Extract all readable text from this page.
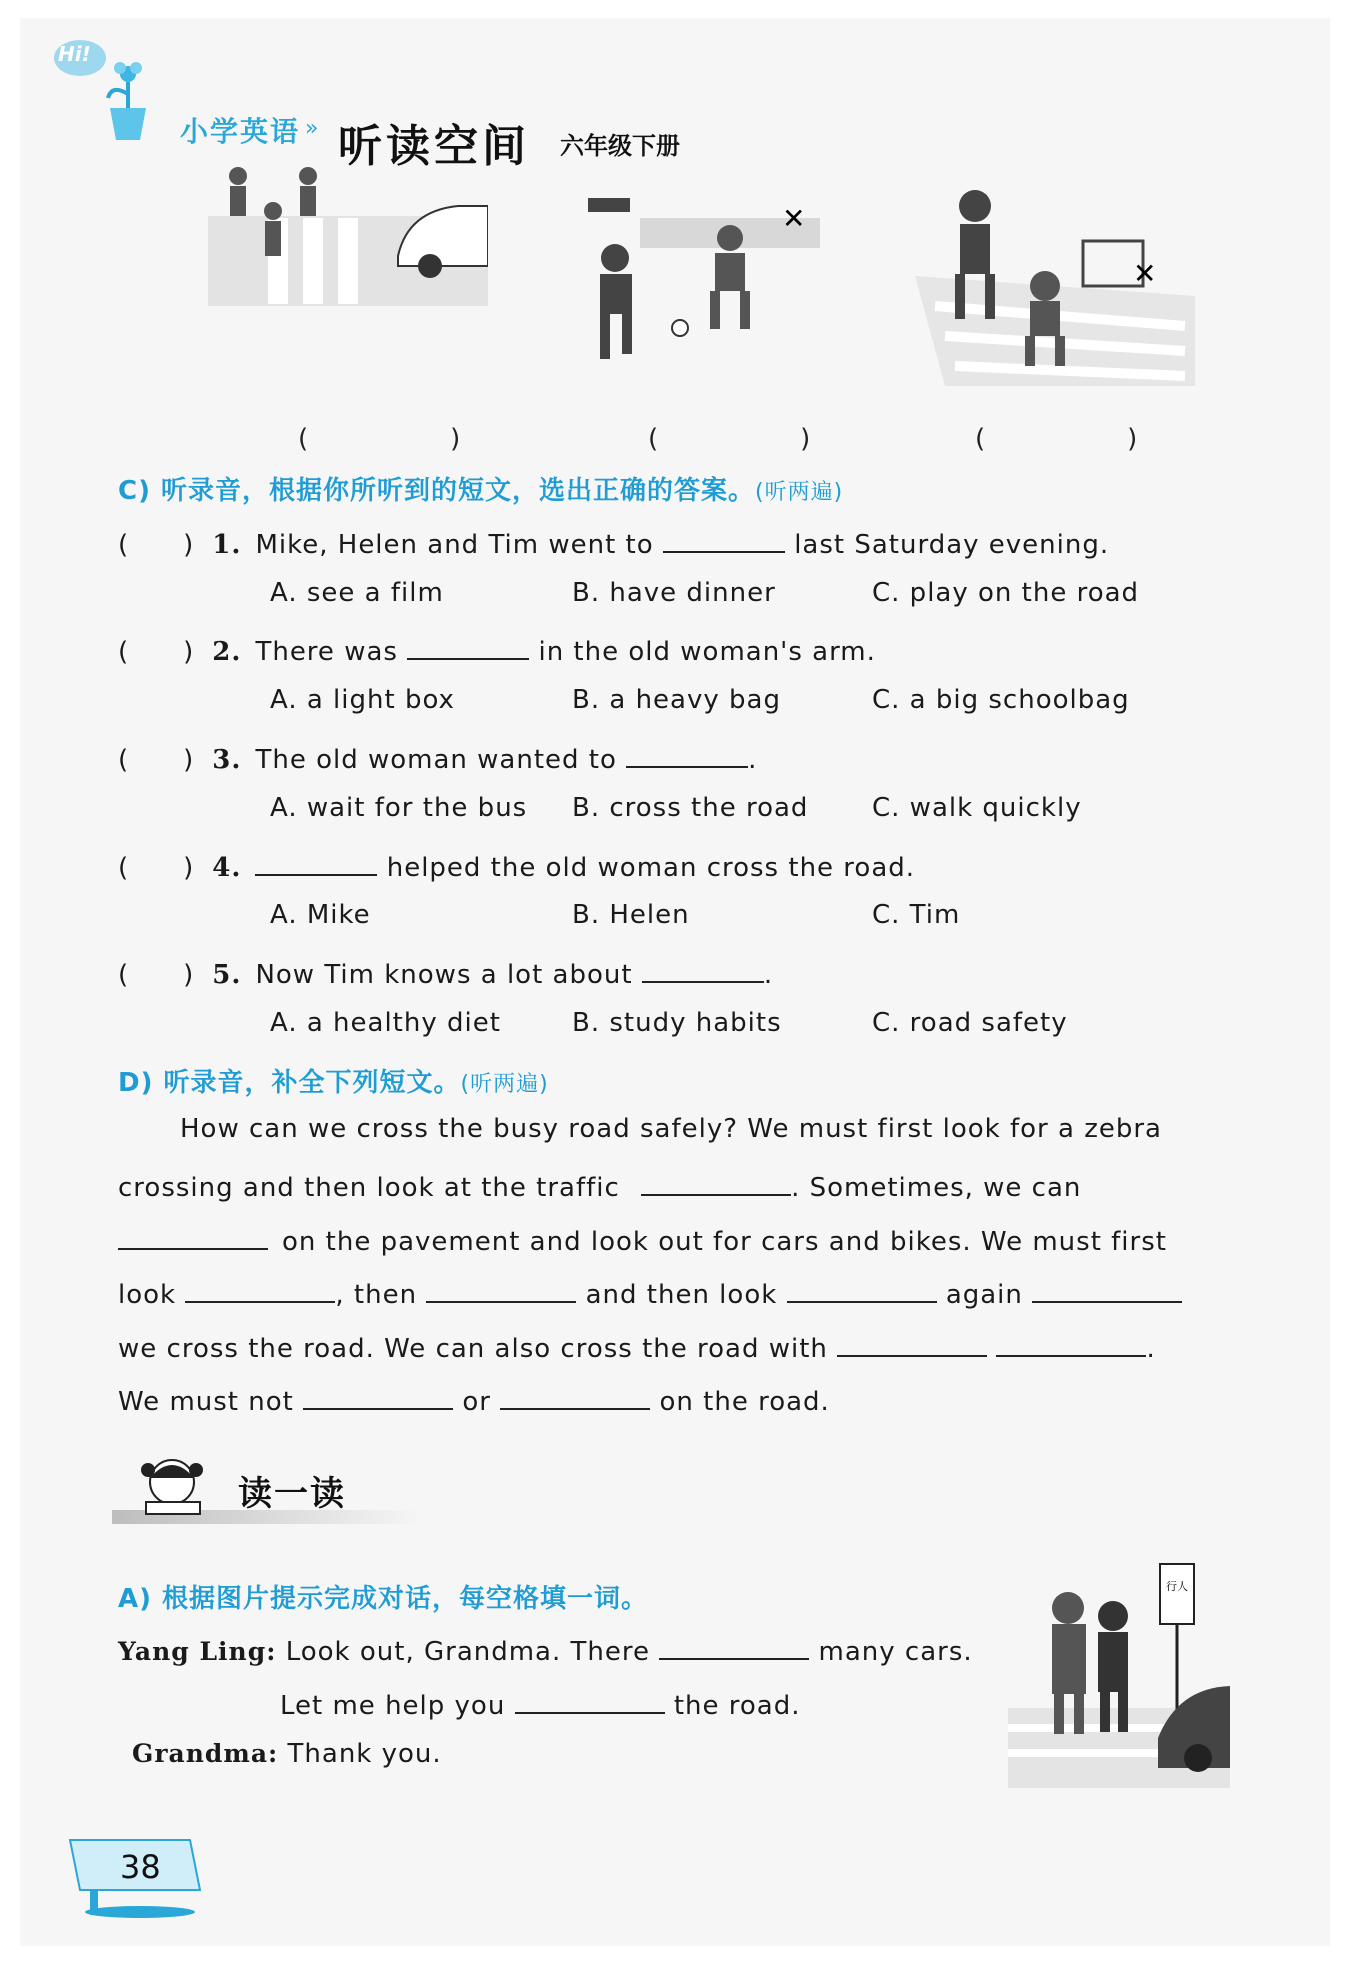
Hi!
小学英语 » 听读空间 六年级下册
✕
✕
(　　)	(　　)	(　　)
C) 听录音，根据你所听到的短文，选出正确的答案。(听两遍)
(　　) 1. Mike, Helen and Tim went to	last Saturday evening.
A. see a film	B. have dinner	C. play on the road
(　　) 2. There was	in the old woman's arm.
A. a light box	B. a heavy bag	C. a big schoolbag
(　　) 3. The old woman wanted to	.
A. wait for the bus B. cross the road C. walk quickly
(　　) 4.	helped the old woman cross the road.
A. Mike	B. Helen	C. Tim
(　　) 5. Now Tim knows a lot about	.
A. a healthy diet	B. study habits	C. road safety
D) 听录音，补全下列短文。(听两遍)
How can we cross the busy road safely? We must first look for a zebra
crossing and then look at the traffic	. Sometimes, we can
on the pavement and look out for cars and bikes. We must first
look	, then	and then look	again
we cross the road. We can also cross the road with	.
We must not	or	on the road.
读一读
A) 根据图片提示完成对话，每空格填一词。
Yang Ling: Look out, Grandma. There	many cars.
Let me help you	the road.
Grandma: Thank you.
行人
38
